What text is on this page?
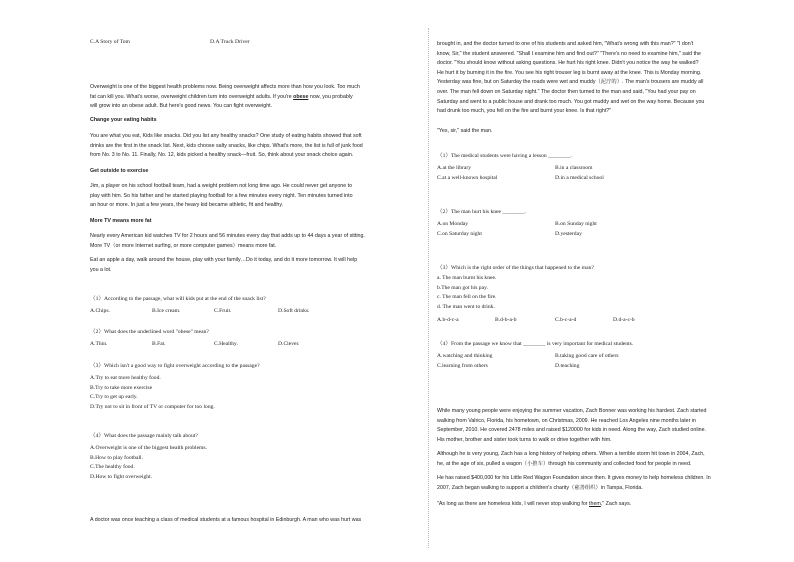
C.A Story of Tom	D.A Truck Driver
Overweight is one of the biggest health problems now. Being overweight affects more than how you look. Too much
fat can kill you. What's worse, overweight children turn into overweight adults. If you're obese now, you probably
will grow into an obese adult. But here's good news. You can fight overweight.
Change your eating habits
You are what you eat, Kids like snacks. Did you list any healthy snacks? One study of eating habits showed that soft
drinks are the first in the snack list. Next, kids choose salty snacks, like chips. What's more, the list is full of junk food
from No. 3 to No. 11. Finally, No. 12, kids picked a healthy snack—fruit. So, think about your snack choice again.
Get outside to exercise
Jim, a player on his school football team, had a weight problem not long time ago. He could never get anyone to
play with him. So his father and he started playing football for a few minutes every night. Ten minutes turned into
an hour or more. In just a few years, the heavy kid became athletic, fit and healthy.
More TV means more fat
Nearly every American kid watches TV for 2 hours and 56 minutes every day that adds up to 44 days a year of sitting.
More TV（or more Internet surfing, or more computer games）means more fat.
Eat an apple a day, walk around the house, play with your family…Do it today, and do it more tomorrow. It will help
you a lot.
（1）According to the passage, what will kids put at the end of the snack list?
A.Chips.	B.Ice cream.	C.Fruit.	D.Soft drinks.
（2）What does the underlined word "obese" mean?
A.Thin.	B.Fat.	C.Healthy.	D.Clever.
（3）Which isn't a good way to fight overweight according to the passage?
A.Try to eat more healthy food.
B.Try to take more exercise
C.Try to get up early.
D.Try not to sit in front of TV or computer for too long.
（4）What does the passage mainly talk about?
A.Overweight is one of the biggest health problems.
B.How to play football.
C.The healthy food.
D.How to fight overweight.
A doctor was once teaching a class of medical students at a famous hospital in Edinburgh. A man who was hurt was
brought in, and the doctor turned to one of his students and asked him, "What's wrong with this man?" "I don't
know, Sir," the student answered. "Shall I examine him and find out?" "There's no need to examine him," said the
doctor. "You should know without asking questions. He hurt his right knee. Didn't you notice the way he walked?
He hurt it by burning it in the fire. You see his right trouser leg is burnt away at the knee. This is Monday morning.
Yesterday was fine, but on Saturday the roads were wet and muddy（泥泞的）. The man's trousers are muddy all
over. The man fell down on Saturday night." The doctor then turned to the man and said, "You had your pay on
Saturday and went to a public house and drank too much. You got muddy and wet on the way home. Because you
had drunk too much, you fell on the fire and burnt your knee. Is that right?"
"Yes, sir," said the man.
（1）The medical students were having a lesson ________.
A.at the library	B.in a classroom
C.at a well-known hospital	D.in a medical school
（2）The man hurt his knee ________.
A.on Monday	B.on Sunday night
C.on Saturday night	D.yesterday
（3）Which is the right order of the things that happened to the man?
a. The man burnt his knee.
b.The man got his pay.
c. The man fell on the fire.
d. The man went to drink.
A.b-d-c-a	B.d-b-a-b	C.b-c-a-d	D.d-a-c-b
（4）From the passage we know that ________ is very important for medical students.
A.watching and thinking	B.taking good care of others
C.learning from others	D.teaching
While many young people were enjoying the summer vacation, Zach Bonner was working his hardest. Zach started
walking from Valrico, Florida, his hometown, on Christmas, 2009. He reached Los Angeles nine months later in
September, 2010. He covered 2478 miles and raised $120000 for kids in need. Along the way, Zach studied online.
His mother, brother and sister took turns to walk or drive together with him.
Although he is very young, Zach has a long history of helping others. When a terrible storm hit town in 2004, Zach,
he, at the age of six, pulled a wagon（小推车）through his community and collected food for people in need.
He has raised $400,000 for his Little Red Wagon Foundation since then. It gives money to help homeless children. In
2007, Zach began walking to support a children's charity（慈善组织）in Tampa, Florida.
"As long as there are homeless kids, I will never stop walking for them," Zach says.
